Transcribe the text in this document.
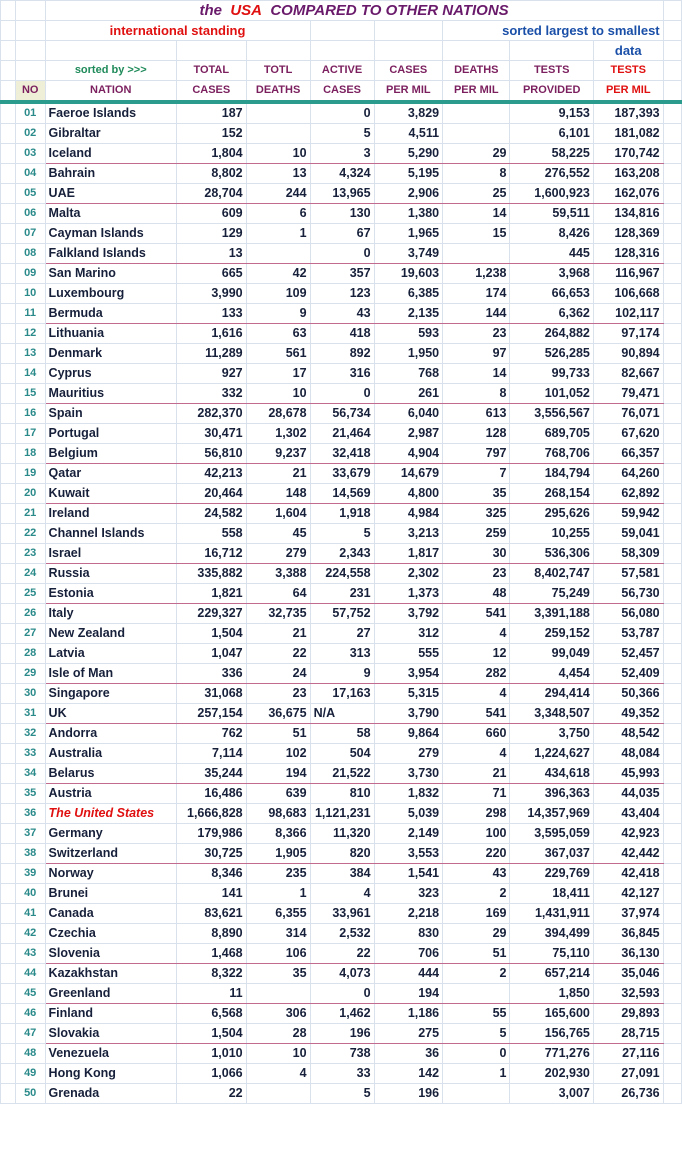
		the USA COMPARED TO OTHER NATIONS								
		international standing					sorted largest to smallest			
									data	
		sorted by >>>	TOTAL	TOTL	ACTIVE	CASES	DEATHS	TESTS	TESTS	
	NO	NATION	CASES	DEATHS	CASES	PER MIL	PER MIL	PROVIDED	PER MIL	
	01	Faeroe Islands	187		0	3,829		9,153	187,393	
	02	Gibraltar	152		5	4,511		6,101	181,082	
	03	Iceland	1,804	10	3	5,290	29	58,225	170,742	
	04	Bahrain	8,802	13	4,324	5,195	8	276,552	163,208	
	05	UAE	28,704	244	13,965	2,906	25	1,600,923	162,076	
	06	Malta	609	6	130	1,380	14	59,511	134,816	
	07	Cayman Islands	129	1	67	1,965	15	8,426	128,369	
	08	Falkland Islands	13		0	3,749		445	128,316	
	09	San Marino	665	42	357	19,603	1,238	3,968	116,967	
	10	Luxembourg	3,990	109	123	6,385	174	66,653	106,668	
	11	Bermuda	133	9	43	2,135	144	6,362	102,117	
	12	Lithuania	1,616	63	418	593	23	264,882	97,174	
	13	Denmark	11,289	561	892	1,950	97	526,285	90,894	
	14	Cyprus	927	17	316	768	14	99,733	82,667	
	15	Mauritius	332	10	0	261	8	101,052	79,471	
	16	Spain	282,370	28,678	56,734	6,040	613	3,556,567	76,071	
	17	Portugal	30,471	1,302	21,464	2,987	128	689,705	67,620	
	18	Belgium	56,810	9,237	32,418	4,904	797	768,706	66,357	
	19	Qatar	42,213	21	33,679	14,679	7	184,794	64,260	
	20	Kuwait	20,464	148	14,569	4,800	35	268,154	62,892	
	21	Ireland	24,582	1,604	1,918	4,984	325	295,626	59,942	
	22	Channel Islands	558	45	5	3,213	259	10,255	59,041	
	23	Israel	16,712	279	2,343	1,817	30	536,306	58,309	
	24	Russia	335,882	3,388	224,558	2,302	23	8,402,747	57,581	
	25	Estonia	1,821	64	231	1,373	48	75,249	56,730	
	26	Italy	229,327	32,735	57,752	3,792	541	3,391,188	56,080	
	27	New Zealand	1,504	21	27	312	4	259,152	53,787	
	28	Latvia	1,047	22	313	555	12	99,049	52,457	
	29	Isle of Man	336	24	9	3,954	282	4,454	52,409	
	30	Singapore	31,068	23	17,163	5,315	4	294,414	50,366	
	31	UK	257,154	36,675	N/A	3,790	541	3,348,507	49,352	
	32	Andorra	762	51	58	9,864	660	3,750	48,542	
	33	Australia	7,114	102	504	279	4	1,224,627	48,084	
	34	Belarus	35,244	194	21,522	3,730	21	434,618	45,993	
	35	Austria	16,486	639	810	1,832	71	396,363	44,035	
	36	The United States	1,666,828	98,683	1,121,231	5,039	298	14,357,969	43,404	
	37	Germany	179,986	8,366	11,320	2,149	100	3,595,059	42,923	
	38	Switzerland	30,725	1,905	820	3,553	220	367,037	42,442	
	39	Norway	8,346	235	384	1,541	43	229,769	42,418	
	40	Brunei	141	1	4	323	2	18,411	42,127	
	41	Canada	83,621	6,355	33,961	2,218	169	1,431,911	37,974	
	42	Czechia	8,890	314	2,532	830	29	394,499	36,845	
	43	Slovenia	1,468	106	22	706	51	75,110	36,130	
	44	Kazakhstan	8,322	35	4,073	444	2	657,214	35,046	
	45	Greenland	11		0	194		1,850	32,593	
	46	Finland	6,568	306	1,462	1,186	55	165,600	29,893	
	47	Slovakia	1,504	28	196	275	5	156,765	28,715	
	48	Venezuela	1,010	10	738	36	0	771,276	27,116	
	49	Hong Kong	1,066	4	33	142	1	202,930	27,091	
	50	Grenada	22		5	196		3,007	26,736	
